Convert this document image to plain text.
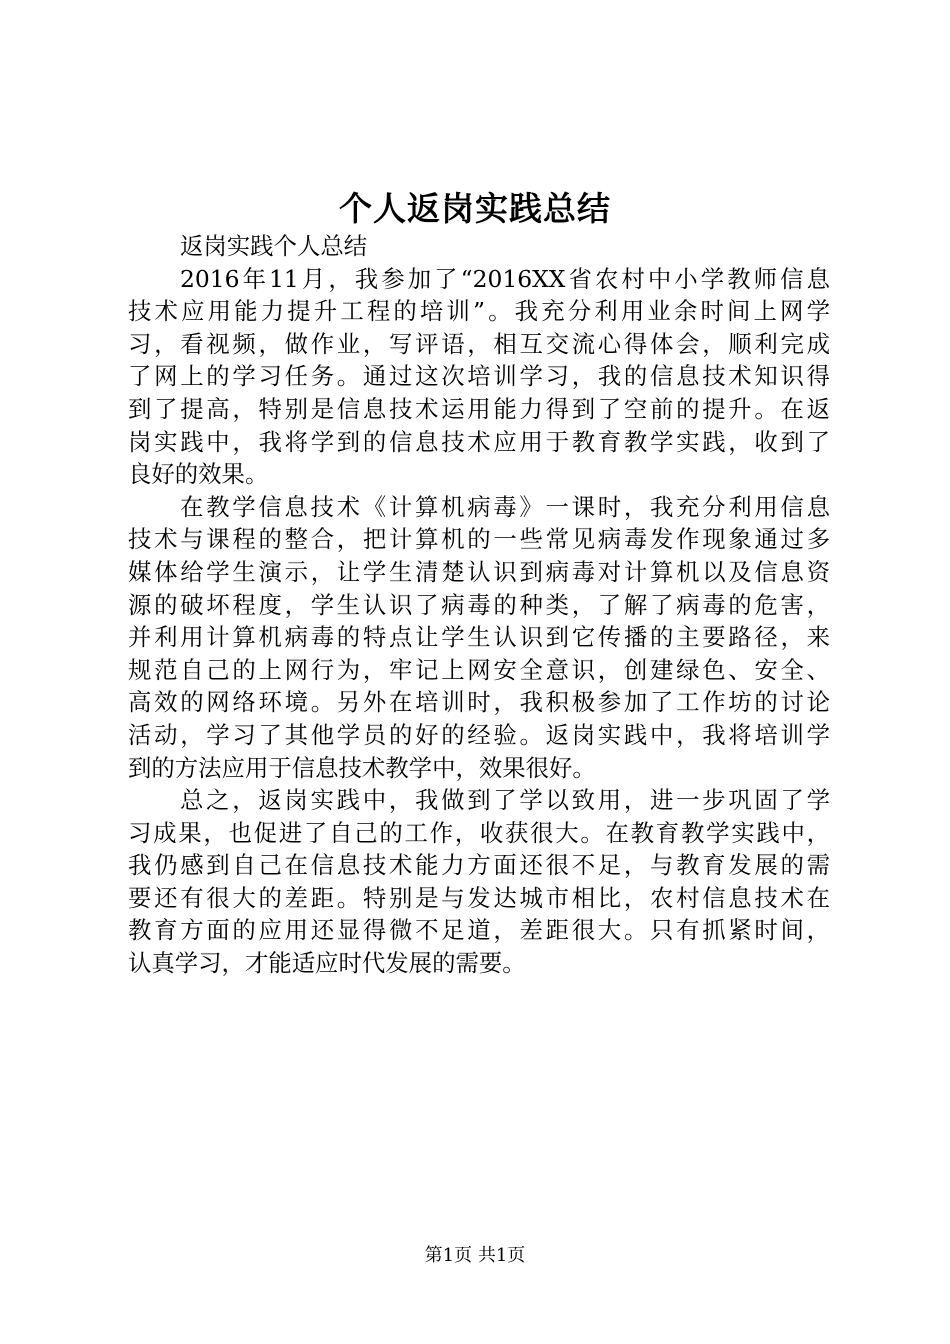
个人返岗实践总结
返岗实践个人总结
2016年11月，我参加了“2016XX省农村中小学教师信息
技术应用能力提升工程的培训”。我充分利用业余时间上网学
习，看视频，做作业，写评语，相互交流心得体会，顺利完成
了网上的学习任务。通过这次培训学习，我的信息技术知识得
到了提高，特别是信息技术运用能力得到了空前的提升。在返
岗实践中，我将学到的信息技术应用于教育教学实践，收到了
良好的效果。
在教学信息技术《计算机病毒》一课时，我充分利用信息
技术与课程的整合，把计算机的一些常见病毒发作现象通过多
媒体给学生演示，让学生清楚认识到病毒对计算机以及信息资
源的破坏程度，学生认识了病毒的种类，了解了病毒的危害，
并利用计算机病毒的特点让学生认识到它传播的主要路径，来
规范自己的上网行为，牢记上网安全意识，创建绿色、安全、
高效的网络环境。另外在培训时，我积极参加了工作坊的讨论
活动，学习了其他学员的好的经验。返岗实践中，我将培训学
到的方法应用于信息技术教学中，效果很好。
总之，返岗实践中，我做到了学以致用，进一步巩固了学
习成果，也促进了自己的工作，收获很大。在教育教学实践中，
我仍感到自己在信息技术能力方面还很不足，与教育发展的需
要还有很大的差距。特别是与发达城市相比，农村信息技术在
教育方面的应用还显得微不足道，差距很大。只有抓紧时间，
认真学习，才能适应时代发展的需要。
第1页 共1页
